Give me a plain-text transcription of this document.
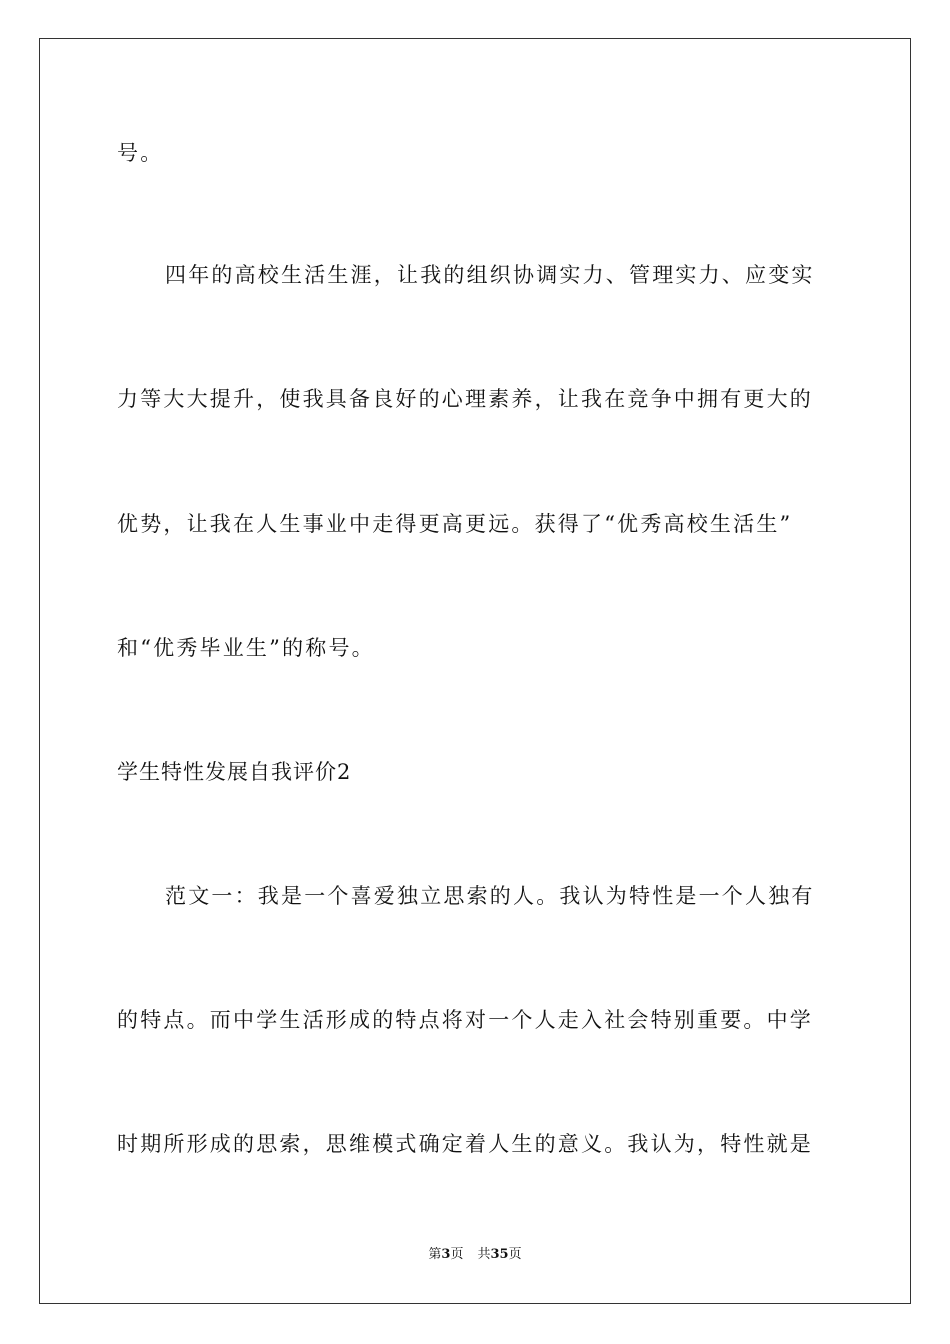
号。
四年的高校生活生涯，让我的组织协调实力、管理实力、应变实
力等大大提升，使我具备良好的心理素养，让我在竞争中拥有更大的
优势，让我在人生事业中走得更高更远。获得了“优秀高校生活生”
和“优秀毕业生”的称号。
学生特性发展自我评价2
范文一：我是一个喜爱独立思索的人。我认为特性是一个人独有
的特点。而中学生活形成的特点将对一个人走入社会特别重要。中学
时期所形成的思索，思维模式确定着人生的意义。我认为，特性就是
第3页 共35页
